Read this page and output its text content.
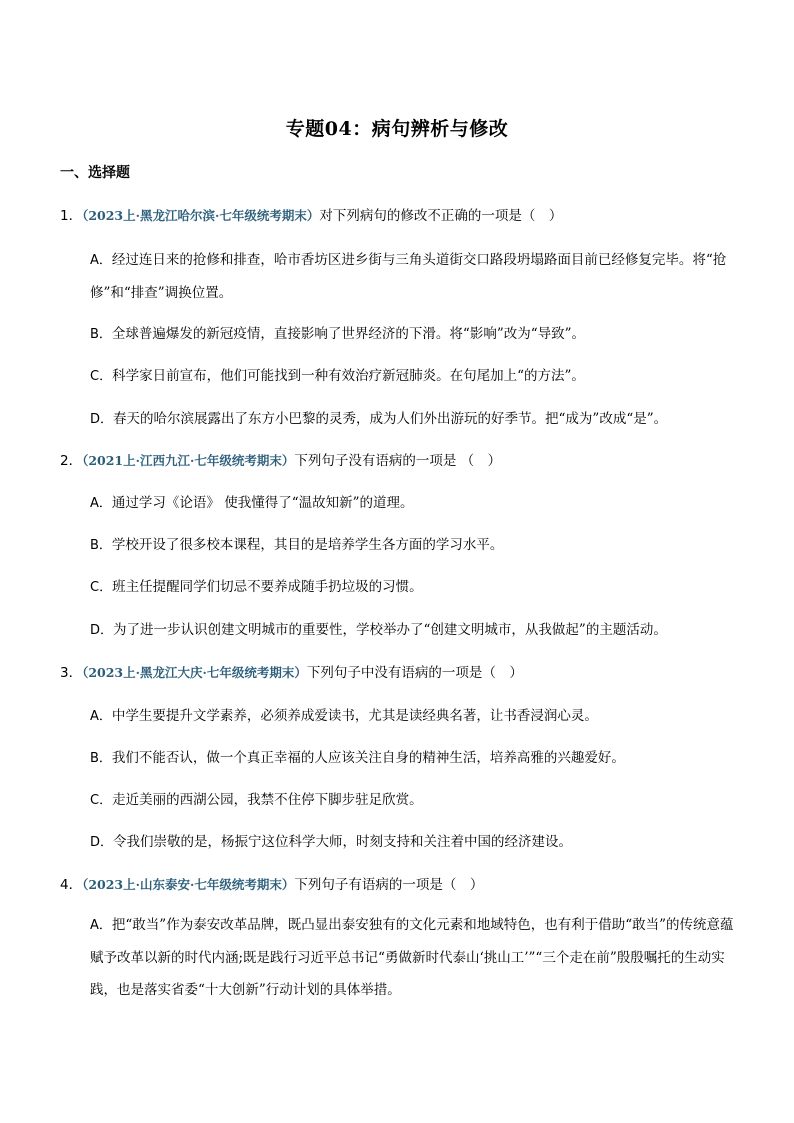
专题04：病句辨析与修改
一、选择题
1．（2023上·黑龙江哈尔滨·七年级统考期末）对下列病句的修改不正确的一项是（　）
A．经过连日来的抢修和排查，哈市香坊区进乡街与三角头道街交口路段坍塌路面目前已经修复完毕。将“抢修”和“排查”调换位置。
B．全球普遍爆发的新冠疫情，直接影响了世界经济的下滑。将“影响”改为“导致”。
C．科学家日前宣布，他们可能找到一种有效治疗新冠肺炎。在句尾加上“的方法”。
D．春天的哈尔滨展露出了东方小巴黎的灵秀，成为人们外出游玩的好季节。把“成为”改成“是”。
2．（2021上·江西九江·七年级统考期末）下列句子没有语病的一项是 （　）
A．通过学习《论语》 使我懂得了“温故知新”的道理。
B．学校开设了很多校本课程，其目的是培养学生各方面的学习水平。
C．班主任提醒同学们切忌不要养成随手扔垃圾的习惯。
D．为了进一步认识创建文明城市的重要性，学校举办了“创建文明城市，从我做起”的主题活动。
3．（2023上·黑龙江大庆·七年级统考期末）下列句子中没有语病的一项是（　）
A．中学生要提升文学素养，必须养成爱读书，尤其是读经典名著，让书香浸润心灵。
B．我们不能否认，做一个真正幸福的人应该关注自身的精神生活，培养高雅的兴趣爱好。
C．走近美丽的西湖公园，我禁不住停下脚步驻足欣赏。
D．令我们崇敬的是，杨振宁这位科学大师，时刻支持和关注着中国的经济建设。
4．（2023上·山东泰安·七年级统考期末）下列句子有语病的一项是（　）
A．把“敢当”作为泰安改革品牌，既凸显出泰安独有的文化元素和地域特色，也有利于借助“敢当”的传统意蕴赋予改革以新的时代内涵;既是践行习近平总书记“勇做新时代泰山‘挑山工’”“三个走在前”殷殷嘱托的生动实践，也是落实省委“十大创新”行动计划的具体举措。
